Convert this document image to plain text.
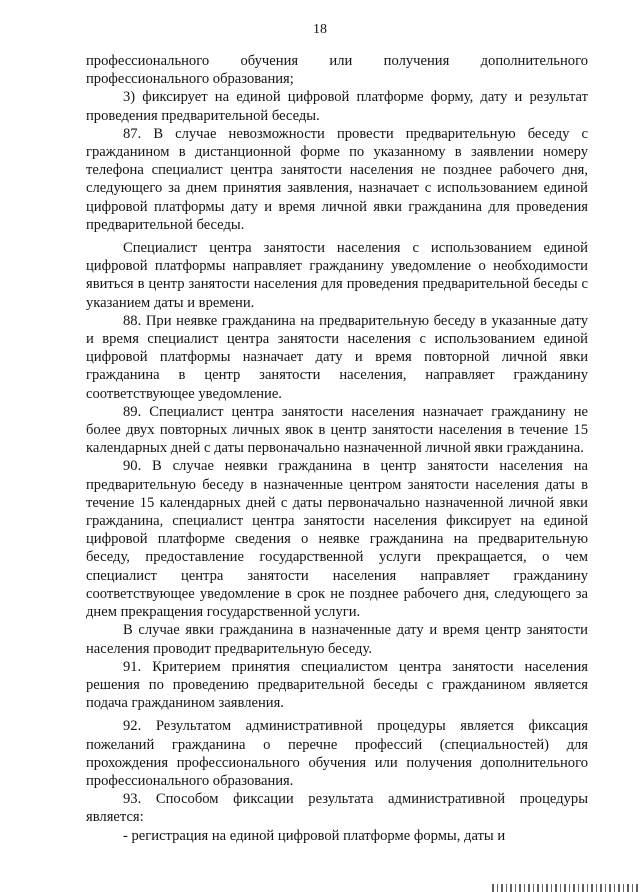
18

профессионального обучения или получения дополнительного профессионального образования;

3) фиксирует на единой цифровой платформе форму, дату и результат проведения предварительной беседы.

87. В случае невозможности провести предварительную беседу с гражданином в дистанционной форме по указанному в заявлении номеру телефона специалист центра занятости населения не позднее рабочего дня, следующего за днем принятия заявления, назначает с использованием единой цифровой платформы дату и время личной явки гражданина для проведения предварительной беседы.

Специалист центра занятости населения с использованием единой цифровой платформы направляет гражданину уведомление о необходимости явиться в центр занятости населения для проведения предварительной беседы с указанием даты и времени.

88. При неявке гражданина на предварительную беседу в указанные дату и время специалист центра занятости населения с использованием единой цифровой платформы назначает дату и время повторной личной явки гражданина в центр занятости населения, направляет гражданину соответствующее уведомление.

89. Специалист центра занятости населения назначает гражданину не более двух повторных личных явок в центр занятости населения в течение 15 календарных дней с даты первоначально назначенной личной явки гражданина.

90. В случае неявки гражданина в центр занятости населения на предварительную беседу в назначенные центром занятости населения даты в течение 15 календарных дней с даты первоначально назначенной личной явки гражданина, специалист центра занятости населения фиксирует на единой цифровой платформе сведения о неявке гражданина на предварительную беседу, предоставление государственной услуги прекращается, о чем специалист центра занятости населения направляет гражданину соответствующее уведомление в срок не позднее рабочего дня, следующего за днем прекращения государственной услуги.

В случае явки гражданина в назначенные дату и время центр занятости населения проводит предварительную беседу.

91. Критерием принятия специалистом центра занятости населения решения по проведению предварительной беседы с гражданином является подача гражданином заявления.

92. Результатом административной процедуры является фиксация пожеланий гражданина о перечне профессий (специальностей) для прохождения профессионального обучения или получения дополнительного профессионального образования.

93. Способом фиксации результата административной процедуры является:

- регистрация на единой цифровой платформе формы, даты и
